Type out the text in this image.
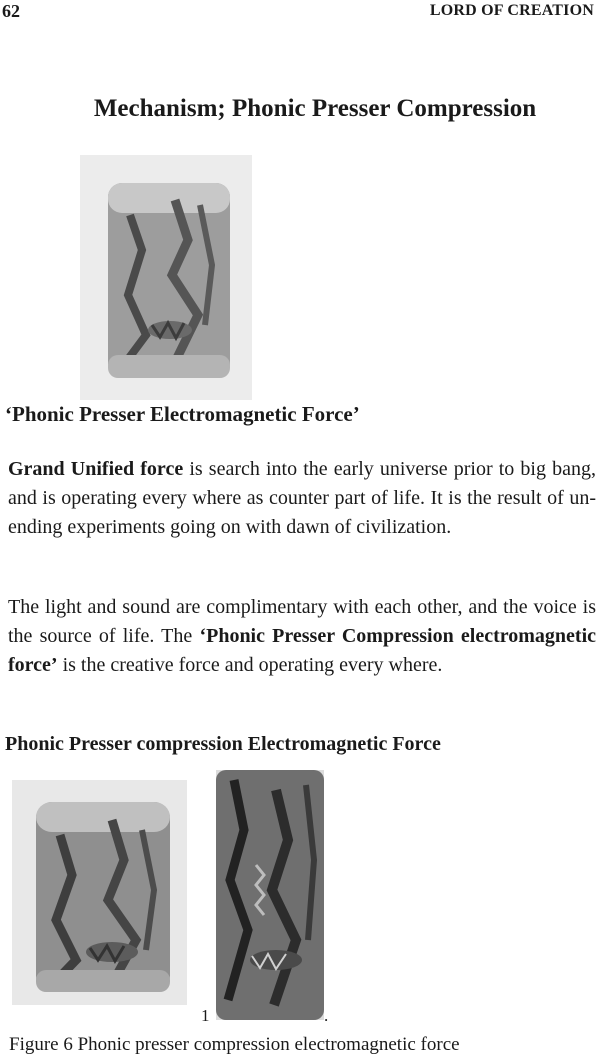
62	LORD OF CREATION
Mechanism; Phonic Presser Compression
‘Phonic Presser Electromagnetic Force’

Grand Unified force is search into the early universe prior to big bang, and is operating every where as counter part of life. It is the result of un-ending experiments going on with dawn of civilization.

The light and sound are complimentary with each other, and the voice is the source of life. The ‘Phonic Presser Compression electromagnetic force’ is the creative force and operating every where.

Phonic Presser compression Electromagnetic Force
1	.
Figure 6 Phonic presser compression electromagnetic force
